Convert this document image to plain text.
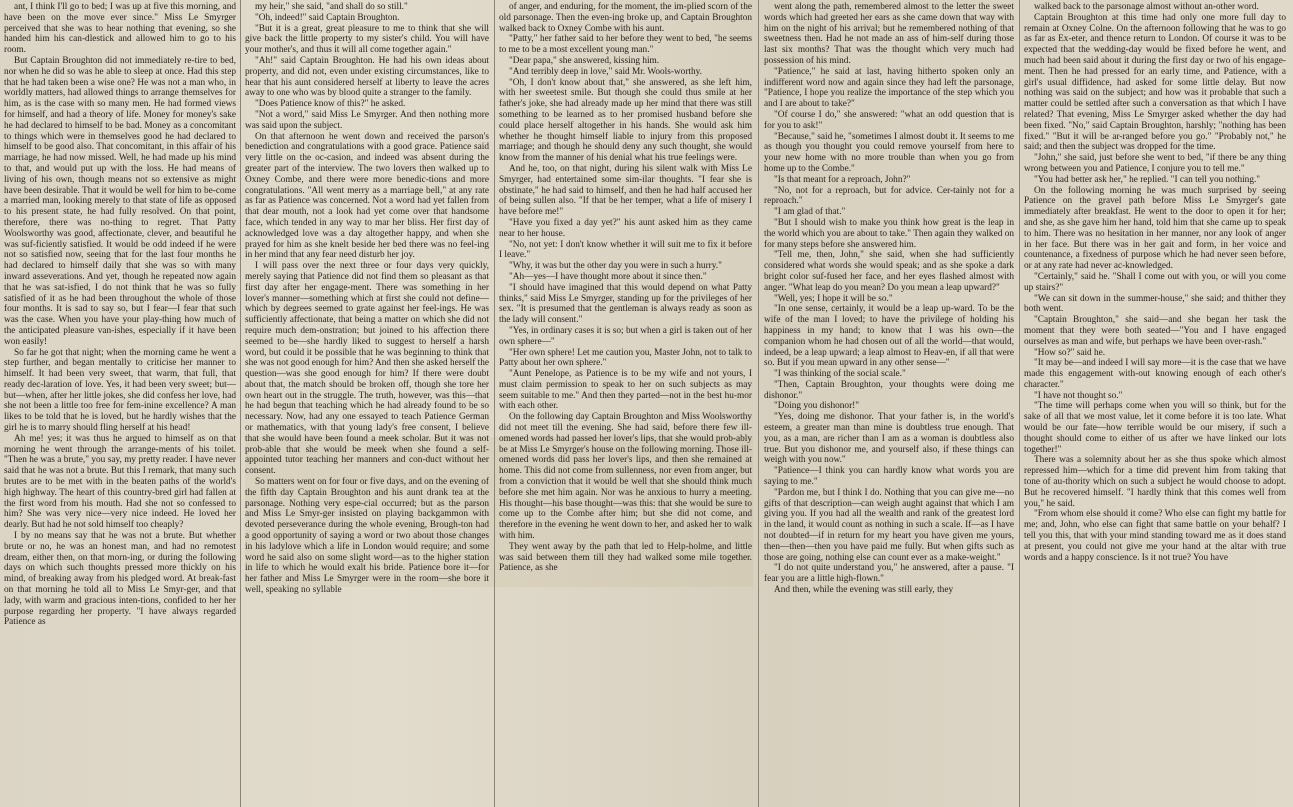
ant, I think I'll go to bed; I was up at five this morning, and have been on the move ever since." Miss Le Smyrger perceived that she was to hear nothing that evening, so she handed him his can-dlestick and allowed him to go to his room.

But Captain Broughton did not immediately re-tire to bed, nor when he did so was he able to sleep at once. Had this step that he had taken been a wise one? He was not a man who, in worldly matters, had allowed things to arrange themselves for him, as is the case with so many men. He had formed views for himself, and had a theory of life. Money for money's sake he had declared to himself to be bad. Money as a concomitant to things which were in themselves good he had declared to himself to be good also. That concomitant, in this affair of his marriage, he had now missed. Well, he had made up his mind to that, and would put up with the loss. He had means of living of his own, though means not so extensive as might have been desirable. That it would be well for him to be-come a married man, looking merely to that state of life as opposed to his present state, he had fully resolved. On that point, therefore, there was no-thing to regret. That Patty Woolsworthy was good, affectionate, clever, and beautiful he was suf-ficiently satisfied. It would be odd indeed if he were not so satisfied now, seeing that for the last four months he had declared to himself daily that she was so with many inward asseverations. And yet, though he repeated now again that he was sat-isfied, I do not think that he was so fully satisfied of it as he had been throughout the whole of those four months. It is sad to say so, but I fear—I fear that such was the case. When you have your play-thing how much of the anticipated pleasure van-ishes, especially if it have been won easily!

So far he got that night; when the morning came he went a step further, and began mentally to criticise her manner to himself. It had been very sweet, that warm, that full, that ready dec-laration of love. Yes, it had been very sweet; but—but—when, after her little jokes, she did confess her love, had she not been a little too free for fem-inine excellence? A man likes to be told that he is loved, but he hardly wishes that the girl he is to marry should fling herself at his head!

Ah me! yes; it was thus he argued to himself as on that morning he went through the arrange-ments of his toilet. "Then he was a brute," you say, my pretty reader. I have never said that he was not a brute. But this I remark, that many such brutes are to be met with in the beaten paths of the world's high highway. The heart of this country-bred girl had fallen at the first word from his mouth. Had she not so confessed to him? She was very nice—very nice indeed. He loved her dearly. But had he not sold himself too cheaply?

I by no means say that he was not a brute. But whether brute or no, he was an honest man, and had no remotest dream, either then, on that morn-ing, or during the following days on which such thoughts pressed more thickly on his mind, of breaking away from his pledged word. At break-fast on that morning he told all to Miss Le Smyr-ger, and that lady, with warm and gracious inten-tions, confided to her her purpose regarding her property. "I have always regarded Patience as

my heir," she said, "and shall do so still."

"Oh, indeed!" said Captain Broughton.

"But it is a great, great pleasure to me to think that she will give back the little property to my sister's child. You will have your mother's, and thus it will all come together again."

"Ah!" said Captain Broughton. He had his own ideas about property, and did not, even under existing circumstances, like to hear that his aunt considered herself at liberty to leave the acres away to one who was by blood quite a stranger to the family.

"Does Patience know of this?" he asked.

"Not a word," said Miss Le Smyrger. And then nothing more was said upon the subject.

On that afternoon he went down and received the parson's benediction and congratulations with a good grace. Patience said very little on the oc-casion, and indeed was absent during the greater part of the interview. The two lovers then walked up to Oxney Combe, and there were more benedic-tions and more congratulations. "All went merry as a marriage bell," at any rate as far as Patience was concerned. Not a word had yet fallen from that dear mouth, not a look had yet come over that handsome face, which tended in any way to mar her bliss. Her first day of acknowledged love was a day altogether happy, and when she prayed for him as she knelt beside her bed there was no feel-ing in her mind that any fear need disturb her joy.

I will pass over the next three or four days very quickly, merely saying that Patience did not find them so pleasant as that first day after her engage-ment. There was something in her lover's manner—something which at first she could not define—which by degrees seemed to grate against her feel-ings. He was sufficiently affectionate, that being a matter on which she did not require much dem-onstration; but joined to his affection there seemed to be—she hardly liked to suggest to herself a harsh word, but could it be possible that he was beginning to think that she was not good enough for him? And then she asked herself the question—was she good enough for him? If there were doubt about that, the match should be broken off, though she tore her own heart out in the struggle. The truth, however, was this—that he had begun that teaching which he had already found to be so necessary. Now, had any one essayed to teach Patience German or mathematics, with that young lady's free consent, I believe that she would have been found a meek scholar. But it was not prob-able that she would be meek when she found a self-appointed tutor teaching her manners and con-duct without her consent.

So matters went on for four or five days, and on the evening of the fifth day Captain Broughton and his aunt drank tea at the parsonage. Nothing very espe-cial occurred; but as the parson and Miss Le Smyr-ger insisted on playing backgammon with devoted perseverance during the whole evening, Brough-ton had a good opportunity of saying a word or two about those changes in his ladylove which a life in London would require; and some word he said also on some slight word—as to the higher station in life to which he would exalt his bride. Patience bore it—for her father and Miss Le Smyrger were in the room—she bore it well, speaking no syllable

of anger, and enduring, for the moment, the im-plied scorn of the old parsonage. Then the even-ing broke up, and Captain Broughton walked back to Oxney Combe with his aunt.

"Patty," her father said to her before they went to bed, "he seems to me to be a most excellent young man."

"Dear papa," she answered, kissing him.

"And terribly deep in love," said Mr. Wools-worthy.

"Oh, I don't know about that," she answered, as she left him, with her sweetest smile. But though she could thus smile at her father's joke, she had already made up her mind that there was still something to be learned as to her promised husband before she could place herself altogether in his hands. She would ask him whether he thought himself liable to injury from this proposed marriage; and though he should deny any such thought, she would know from the manner of his denial what his true feelings were.

And he, too, on that night, during his silent walk with Miss Le Smyrger, had entertained some sim-ilar thoughts. "I fear she is obstinate," he had said to himself, and then he had half accused her of being sullen also. "If that be her temper, what a life of misery I have before me!"

"Have you fixed a day yet?" his aunt asked him as they came near to her house.

"No, not yet: I don't know whether it will suit me to fix it before I leave."

"Why, it was but the other day you were in such a hurry."

"Ah—yes—I have thought more about it since then."

"I should have imagined that this would depend on what Patty thinks," said Miss Le Smyrger, standing up for the privileges of her sex. "It is presumed that the gentleman is always ready as soon as the lady will consent."

"Yes, in ordinary cases it is so; but when a girl is taken out of her own sphere—"

"Her own sphere! Let me caution you, Master John, not to talk to Patty about her own sphere."

"Aunt Penelope, as Patience is to be my wife and not yours, I must claim permission to speak to her on such subjects as may seem suitable to me." And then they parted—not in the best hu-mor with each other.

On the following day Captain Broughton and Miss Woolsworthy did not meet till the evening. She had said, before there few ill-omened words had passed her lover's lips, that she would prob-ably be at Miss Le Smyrger's house on the following morning. Those ill-omened words did pass her lover's lips, and then she remained at home. This did not come from sullenness, nor even from anger, but from a conviction that it would be well that she should think much before she met him again. Nor was he anxious to hurry a meeting. His thought—his base thought—was this: that she would be sure to come up to the Combe after him; but she did not come, and therefore in the evening he went down to her, and asked her to walk with him.

They went away by the path that led to Help-holme, and little was said between them till they had walked some mile together. Patience, as she

went along the path, remembered almost to the letter the sweet words which had greeted her ears as she came down that way with him on the night of his arrival; but he remembered nothing of that sweetness then. Had he not made an ass of him-self during those last six months? That was the thought which very much had possession of his mind.

"Patience," he said at last, having hitherto spoken only an indifferent word now and again since they had left the parsonage, "Patience, I hope you realize the importance of the step which you and I are about to take?"

"Of course I do," she answered: "what an odd question that is for you to ask!"

"Because," said he, "sometimes I almost doubt it. It seems to me as though you thought you could remove yourself from here to your new home with no more trouble than when you go from home up to the Combe."

"Is that meant for a reproach, John?"

"No, not for a reproach, but for advice. Cer-tainly not for a reproach."

"I am glad of that."

"But I should wish to make you think how great is the leap in the world which you are about to take." Then again they walked on for many steps before she answered him.

"Tell me, then, John," she said, when she had sufficiently considered what words she would speak; and as she spoke a dark bright color suf-fused her face, and her eyes flashed almost with anger. "What leap do you mean? Do you mean a leap upward?"

"Well, yes; I hope it will be so."

"In one sense, certainly, it would be a leap up-ward. To be the wife of the man I loved; to have the privilege of holding his happiness in my hand; to know that I was his own—the companion whom he had chosen out of all the world—that would, indeed, be a leap upward; a leap almost to Heav-en, if all that were so. But if you mean upward in any other sense—"

"I was thinking of the social scale."

"Then, Captain Broughton, your thoughts were doing me dishonor."

"Doing you dishonor!"

"Yes, doing me dishonor. That your father is, in the world's esteem, a greater man than mine is doubtless true enough. That you, as a man, are richer than I am as a woman is doubtless also true. But you dishonor me, and yourself also, if these things can weigh with you now."

"Patience—I think you can hardly know what words you are saying to me."

"Pardon me, but I think I do. Nothing that you can give me—no gifts of that description—can weigh aught against that which I am giving you. If you had all the wealth and rank of the greatest lord in the land, it would count as nothing in such a scale. If—as I have not doubted—if in return for my heart you have given me yours, then—then—then you have paid me fully. But when gifts such as those are going, nothing else can count ever as a make-weight."

"I do not quite understand you," he answered, after a pause. "I fear you are a little high-flown."

And then, while the evening was still early, they

walked back to the parsonage almost without an-other word.

Captain Broughton at this time had only one more full day to remain at Oxney Colne. On the afternoon following that he was to go as far as Ex-eter, and thence return to London. Of course it was to be expected that the wedding-day would be fixed before he went, and much had been said about it during the first day or two of his engage-ment. Then he had pressed for an early time, and Patience, with a girl's usual diffidence, had asked for some little delay. But now nothing was said on the subject; and how was it probable that such a matter could be settled after such a conversation as that which I have related? That evening, Miss Le Smyrger asked whether the day had been fixed. "No," said Captain Broughton, harshly; "nothing has been fixed." "But it will be ar-ranged before you go." "Probably not," he said; and then the subject was dropped for the time.

"John," she said, just before she went to bed, "if there be any thing wrong between you and Patience, I conjure you to tell me."

"You had better ask her," he replied. "I can tell you nothing."

On the following morning he was much surprised by seeing Patience on the gravel path before Miss Le Smyrger's gate immediately after breakfast. He went to the door to open it for her; and she, as she gave him her hand, told him that she came up to speak to him. There was no hesitation in her manner, nor any look of anger in her face. But there was in her gait and form, in her voice and countenance, a fixedness of purpose which he had never seen before, or at any rate had never ac-knowledged.

"Certainly," said he. "Shall I come out with you, or will you come up stairs?"

"We can sit down in the summer-house," she said; and thither they both went.

"Captain Broughton," she said—and she began her task the moment that they were both seated—"You and I have engaged ourselves as man and wife, but perhaps we have been over-rash."

"How so?" said he.

"It may be—and indeed I will say more—it is the case that we have made this engagement with-out knowing enough of each other's character."

"I have not thought so."

"The time will perhaps come when you will so think, but for the sake of all that we most value, let it come before it is too late. What would be our fate—how terrible would be our misery, if such a thought should come to either of us after we have linked our lots together!"

There was a solemnity about her as she thus spoke which almost repressed him—which for a time did prevent him from taking that tone of au-thority which on such a subject he would choose to adopt. But he recovered himself. "I hardly think that this comes well from you," he said.

"From whom else should it come? Who else can fight my battle for me; and, John, who else can fight that same battle on your behalf? I tell you this, that with your mind standing toward me as it does stand at present, you could not give me your hand at the altar with true words and a happy conscience. Is it not true? You have
